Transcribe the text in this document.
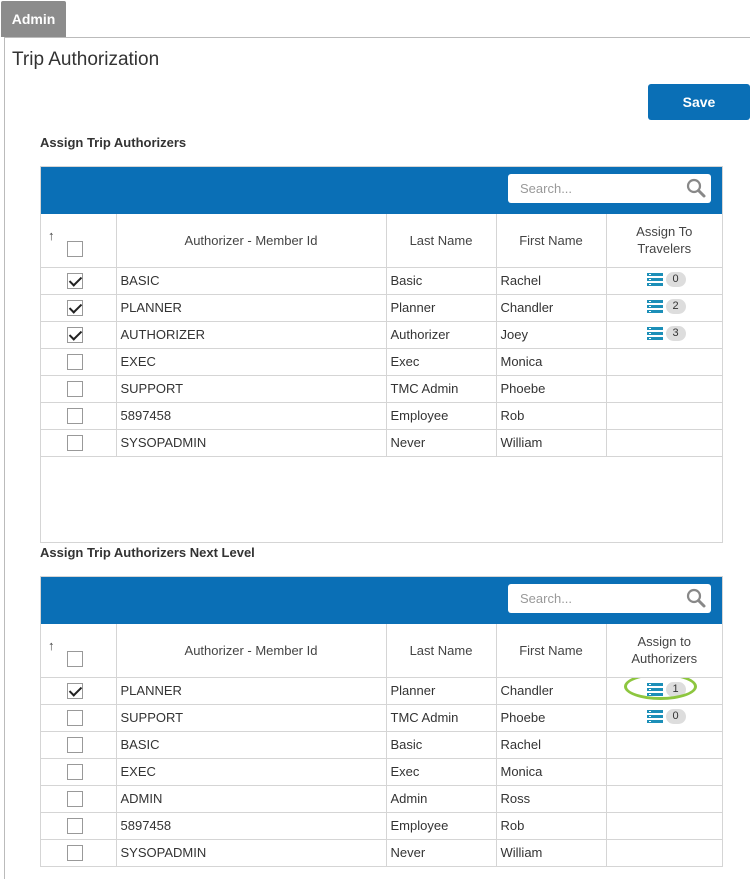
Admin
Trip Authorization
Save
Assign Trip Authorizers
Search...
↑	Authorizer - Member Id	Last Name	First Name	Assign To Travelers
	BASIC	Basic	Rachel	0

	PLANNER	Planner	Chandler	2

	AUTHORIZER	Authorizer	Joey	3

	EXEC	Exec	Monica	
	SUPPORT	TMC Admin	Phoebe	
	5897458	Employee	Rob	
	SYSOPADMIN	Never	William	
Assign Trip Authorizers Next Level
Search...
↑	Authorizer - Member Id	Last Name	First Name	Assign to Authorizers
	PLANNER	Planner	Chandler	1

	SUPPORT	TMC Admin	Phoebe	0

	BASIC	Basic	Rachel	
	EXEC	Exec	Monica	
	ADMIN	Admin	Ross	
	5897458	Employee	Rob	
	SYSOPADMIN	Never	William	
